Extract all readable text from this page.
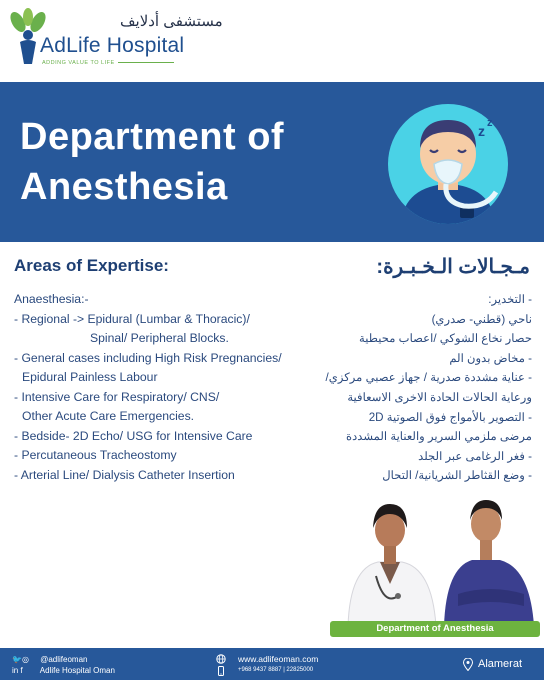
مستشفى أدلايف
AdLife Hospital
ADDING VALUE TO LIFE
Department of
Anesthesia
z z
Areas of Expertise:	مـجـالات الـخـبـرة:
Anaesthesia:-
- Regional -> Epidural (Lumbar & Thoracic)/
Spinal/ Peripheral Blocks.
- General cases including High Risk Pregnancies/
Epidural Painless Labour
- Intensive Care for Respiratory/ CNS/
Other Acute Care Emergencies.
- Bedside- 2D Echo/ USG for Intensive Care
- Percutaneous Tracheostomy
- Arterial Line/ Dialysis Catheter Insertion
- التخدير:
ناحي (قطني- صدري)
حصار نخاع الشوكي /اعصاب محيطية
- مخاض بدون الم
- عناية مشددة صدرية / جهاز عصبي مركزي/
ورعاية الحالات الحادة الاخرى الاسعافية
- التصوير بالأمواج فوق الصوتية 2D
مرضى ملزمي السرير والعناية المشددة
- فغر الرغامى عبر الجلد
- وضع القثاطر الشريانية/ التحال
Department of Anesthesia
🐦◎ @adlifeoman
in f Adlife Hospital Oman
www.adlifeoman.com
+968 9437 8887 | 22825000	Alamerat
